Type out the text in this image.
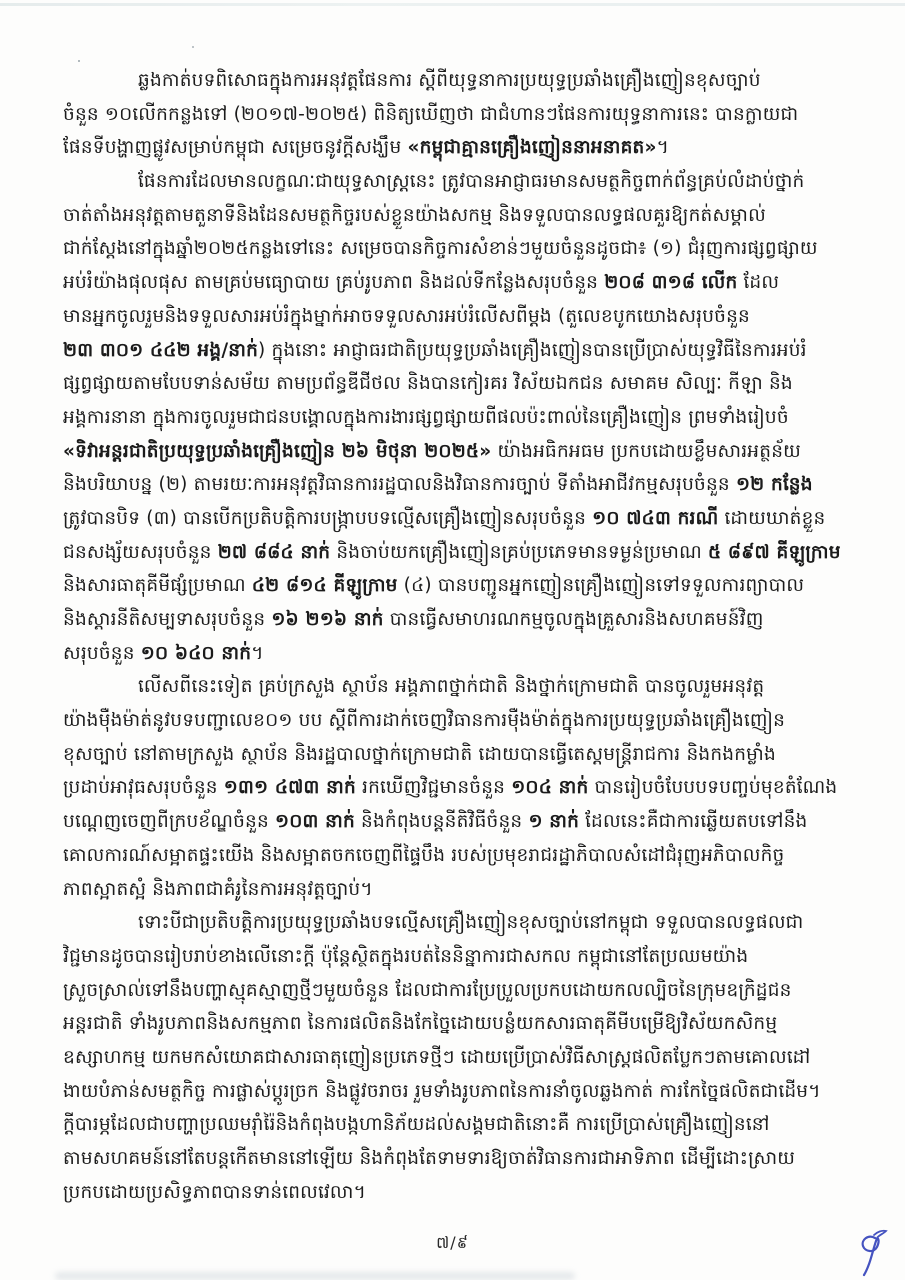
ឆ្លងកាត់បទពិសោធក្នុងការអនុវត្តផែនការ ស្ដីពីយុទ្ធនាការប្រយុទ្ធប្រឆាំងគ្រឿងញៀនខុសច្បាប់
ចំនួន ១០លើកកន្លងទៅ (២០១៧-២០២៥) ពិនិត្យឃើញថា ជាជំហានៗផែនការយុទ្ធនាការនេះ បានក្លាយជា
ផែនទីបង្ហាញផ្លូវសម្រាប់កម្ពុជា សម្រេចនូវក្ដីសង្ឃឹម «កម្ពុជាគ្មានគ្រឿងញៀននាអនាគត»។
ផែនការដែលមានលក្ខណៈជាយុទ្ធសាស្ត្រនេះ ត្រូវបានអាជ្ញាធរមានសមត្ថកិច្ចពាក់ព័ន្ធគ្រប់លំដាប់ថ្នាក់
ចាត់តាំងអនុវត្តតាមតួនាទីនិងដែនសមត្ថកិច្ចរបស់ខ្លួនយ៉ាងសកម្ម និងទទួលបានលទ្ធផលគួរឱ្យកត់សម្គាល់
ជាក់ស្ដែងនៅក្នុងឆ្នាំ២០២៥កន្លងទៅនេះ សម្រេចបានកិច្ចការសំខាន់ៗមួយចំនួនដូចជា៖ (១) ជំរុញការផ្សព្វផ្សាយ
អប់រំយ៉ាងផុលផុស តាមគ្រប់មធ្យោបាយ គ្រប់រូបភាព និងដល់ទីកន្លែងសរុបចំនួន ២០៨ ៣១៨ លើក ដែល
មានអ្នកចូលរួមនិងទទួលសារអប់រំក្នុងម្នាក់អាចទទួលសារអប់រំលើសពីម្ដង (តួលេខបូកយោងសរុបចំនួន
២៣ ៣០១ ៤៤២ អង្គ/នាក់) ក្នុងនោះ អាជ្ញាធរជាតិប្រយុទ្ធប្រឆាំងគ្រឿងញៀនបានប្រើប្រាស់យុទ្ធវិធីនៃការអប់រំ
ផ្សព្វផ្សាយតាមបែបទាន់សម័យ តាមប្រព័ន្ធឌីជីថល និងបានកៀរគរ វិស័យឯកជន សមាគម សិល្បៈ កីឡា និង
អង្គការនានា ក្នុងការចូលរួមជាជនបង្គោលក្នុងការងារផ្សព្វផ្សាយពីផលប៉ះពាល់នៃគ្រឿងញៀន ព្រមទាំងរៀបចំ
«ទិវាអន្តរជាតិប្រយុទ្ធប្រឆាំងគ្រឿងញៀន ២៦ មិថុនា ២០២៥» យ៉ាងអធិកអធម ប្រកបដោយខ្លឹមសារអត្ថន័យ
និងបរិយាបន្ន (២) តាមរយៈការអនុវត្តវិធានការរដ្ឋបាលនិងវិធានការច្បាប់ ទីតាំងអាជីវកម្មសរុបចំនួន ១២ កន្លែង
ត្រូវបានបិទ (៣) បានបើកប្រតិបត្តិការបង្ក្រាបបទល្មើសគ្រឿងញៀនសរុបចំនួន ១០ ៧៤៣ ករណី ដោយឃាត់ខ្លួន
ជនសង្ស័យសរុបចំនួន ២៧ ៨៨៤ នាក់ និងចាប់យកគ្រឿងញៀនគ្រប់ប្រភេទមានទម្ងន់ប្រមាណ ៥ ៨៩៧ គីឡូក្រាម
និងសារធាតុគីមីផ្សំប្រមាណ ៤២ ៨១៤ គីឡូក្រាម (៤) បានបញ្ជូនអ្នកញៀនគ្រឿងញៀនទៅទទួលការព្យាបាល
និងស្ដារនីតិសម្បទាសរុបចំនួន ១៦ ២១៦ នាក់ បានធ្វើសមាហរណកម្មចូលក្នុងគ្រួសារនិងសហគមន៍វិញ
សរុបចំនួន ១០ ៦៤០ នាក់។
លើសពីនេះទៀត គ្រប់ក្រសួង ស្ថាប័ន អង្គភាពថ្នាក់ជាតិ និងថ្នាក់ក្រោមជាតិ បានចូលរួមអនុវត្ត
យ៉ាងម៉ឺងម៉ាត់នូវបទបញ្ជាលេខ០១ បប ស្ដីពីការដាក់ចេញវិធានការម៉ឺងម៉ាត់ក្នុងការប្រយុទ្ធប្រឆាំងគ្រឿងញៀន
ខុសច្បាប់ នៅតាមក្រសួង ស្ថាប័ន និងរដ្ឋបាលថ្នាក់ក្រោមជាតិ ដោយបានធ្វើតេស្ដមន្ត្រីរាជការ និងកងកម្លាំង
ប្រដាប់អាវុធសរុបចំនួន ១៣១ ៤៧៣ នាក់ រកឃើញវិជ្ជមានចំនួន ១០៤ នាក់ បានរៀបចំបែបបទបញ្ចប់មុខតំណែង
បណ្ដេញចេញពីក្របខ័ណ្ឌចំនួន ១០៣ នាក់ និងកំពុងបន្តនីតិវិធីចំនួន ១ នាក់ ដែលនេះគឺជាការឆ្លើយតបទៅនឹង
គោលការណ៍សម្អាតផ្ទះយើង និងសម្អាតចកចេញពីផ្ទៃបឹង របស់ប្រមុខរាជរដ្ឋាភិបាលសំដៅជំរុញអភិបាលកិច្ច
ភាពស្អាតស្អំ និងភាពជាគំរូនៃការអនុវត្តច្បាប់។
ទោះបីជាប្រតិបត្តិការប្រយុទ្ធប្រឆាំងបទល្មើសគ្រឿងញៀនខុសច្បាប់នៅកម្ពុជា ទទួលបានលទ្ធផលជា
វិជ្ជមានដូចបានរៀបរាប់ខាងលើនោះក្ដី ប៉ុន្តែស្ថិតក្នុងរបត់នៃនិន្នាការជាសកល កម្ពុជានៅតែប្រឈមយ៉ាង
ស្រួចស្រាល់ទៅនឹងបញ្ហាស្មុគស្មាញថ្មីៗមួយចំនួន ដែលជាការប្រែប្រួលប្រកបដោយកលល្បិចនៃក្រុមឧក្រិដ្ឋជន
អន្តរជាតិ ទាំងរូបភាពនិងសកម្មភាព នៃការផលិតនិងកែច្នៃដោយបន្លំយកសារធាតុគីមីបម្រើឱ្យវិស័យកសិកម្ម
ឧស្សាហកម្ម យកមកសំយោគជាសារធាតុញៀនប្រភេទថ្មីៗ ដោយប្រើប្រាស់វិធីសាស្ត្រផលិតប្លែកៗតាមគោលដៅ
ងាយបំភាន់សមត្ថកិច្ច ការផ្លាស់ប្ដូរច្រក និងផ្លូវចរាចរ រួមទាំងរូបភាពនៃការនាំចូលឆ្លងកាត់ ការកែច្នៃផលិតជាដើម។
ក្ដីបារម្ភដែលជាបញ្ហាប្រឈមរ៉ាំរ៉ៃនិងកំពុងបង្កហានិភ័យដល់សង្គមជាតិនោះគឺ ការប្រើប្រាស់គ្រឿងញៀននៅ
តាមសហគមន៍នៅតែបន្តកើតមាននៅឡើយ និងកំពុងតែទាមទារឱ្យចាត់វិធានការជាអាទិភាព ដើម្បីដោះស្រាយ
ប្រកបដោយប្រសិទ្ធភាពបានទាន់ពេលវេលា។
៧/៩
